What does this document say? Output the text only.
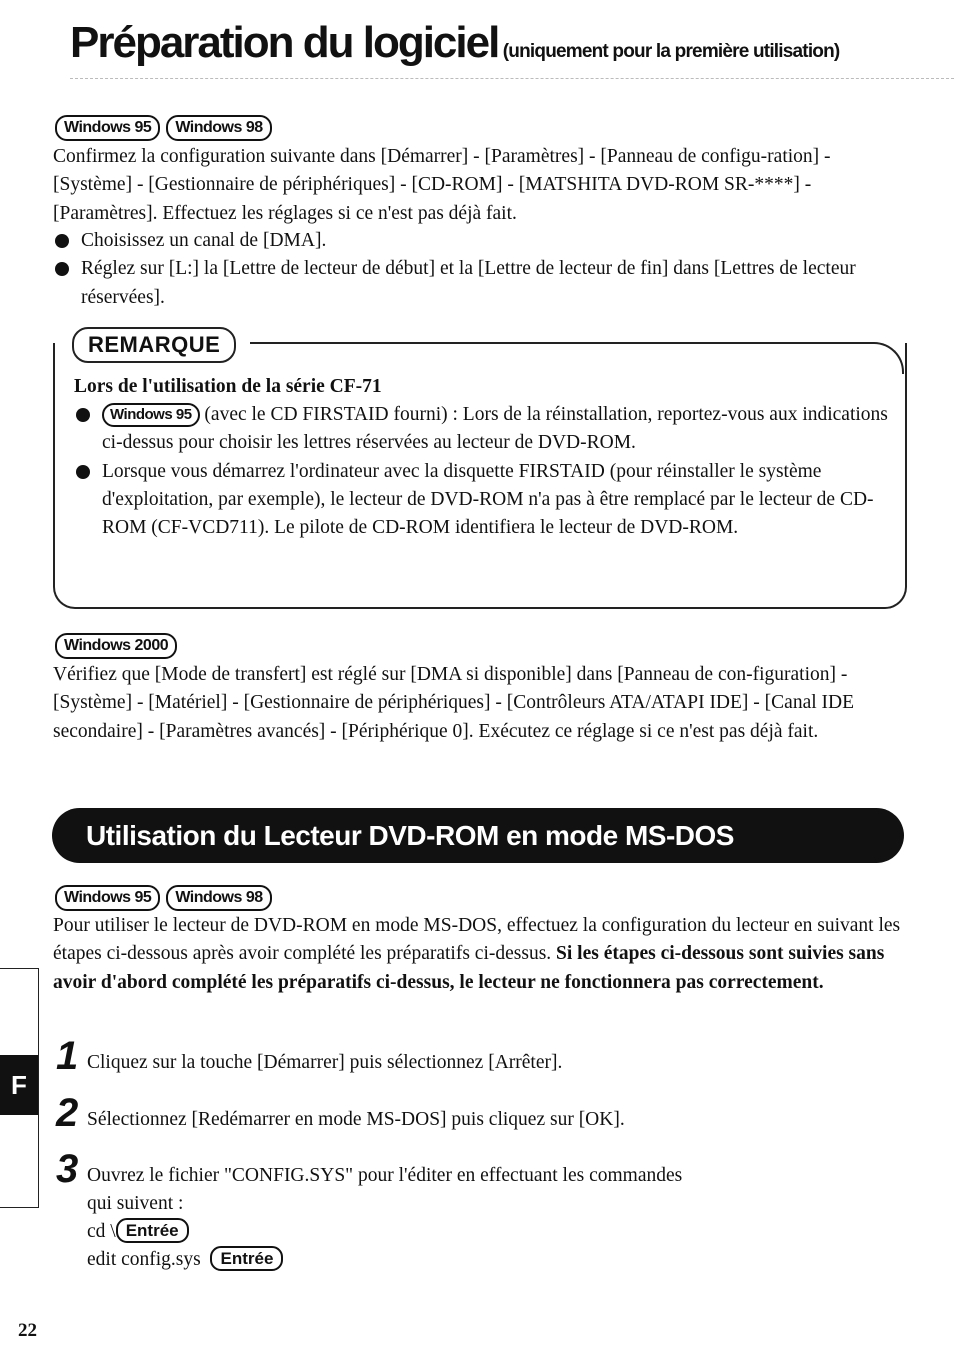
Préparation du logiciel (uniquement pour la première utilisation)
Windows 95	Windows 98

Confirmez la configuration suivante dans [Démarrer] - [Paramètres] - [Panneau de configu-ration] - [Système] - [Gestionnaire de périphériques] - [CD-ROM] - [MATSHITA DVD-ROM SR-****] - [Paramètres]. Effectuez les réglages si ce n'est pas déjà fait.

Choisissez un canal de [DMA].
Réglez sur [L:] la [Lettre de lecteur de début] et la [Lettre de lecteur de fin] dans [Lettres de lecteur réservées].
REMARQUE
Lors de l'utilisation de la série CF-71
Windows 95 (avec le CD FIRSTAID fourni) : Lors de la réinstallation, reportez-vous aux indications ci-dessus pour choisir les lettres réservées au lecteur de DVD-ROM.
Lorsque vous démarrez l'ordinateur avec la disquette FIRSTAID (pour réinstaller le système d'exploitation, par exemple), le lecteur de DVD-ROM n'a pas à être remplacé par le lecteur de CD-ROM (CF-VCD711). Le pilote de CD-ROM identifiera le lecteur de DVD-ROM.
Windows 2000

Vérifiez que [Mode de transfert] est réglé sur [DMA si disponible] dans [Panneau de con-figuration] - [Système] - [Matériel] - [Gestionnaire de périphériques] - [Contrôleurs ATA/ATAPI IDE] - [Canal IDE secondaire] - [Paramètres avancés] - [Périphérique 0]. Exécutez ce réglage si ce n'est pas déjà fait.

Utilisation du Lecteur DVD-ROM en mode MS-DOS
Windows 95	Windows 98

Pour utiliser le lecteur de DVD-ROM en mode MS-DOS, effectuez la configuration du lecteur en suivant les étapes ci-dessous après avoir complété les préparatifs ci-dessus. Si les étapes ci-dessous sont suivies sans avoir d'abord complété les préparatifs ci-dessus, le lecteur ne fonctionnera pas correctement.

1 Cliquez sur la touche [Démarrer] puis sélectionnez [Arrêter].

2 Sélectionnez [Redémarrer en mode MS-DOS] puis cliquez sur [OK].

3 Ouvrez le fichier "CONFIG.SYS" pour l'éditer en effectuant les commandes

qui suivent :

cd \ Entrée

edit config.sys Entrée

F
22
